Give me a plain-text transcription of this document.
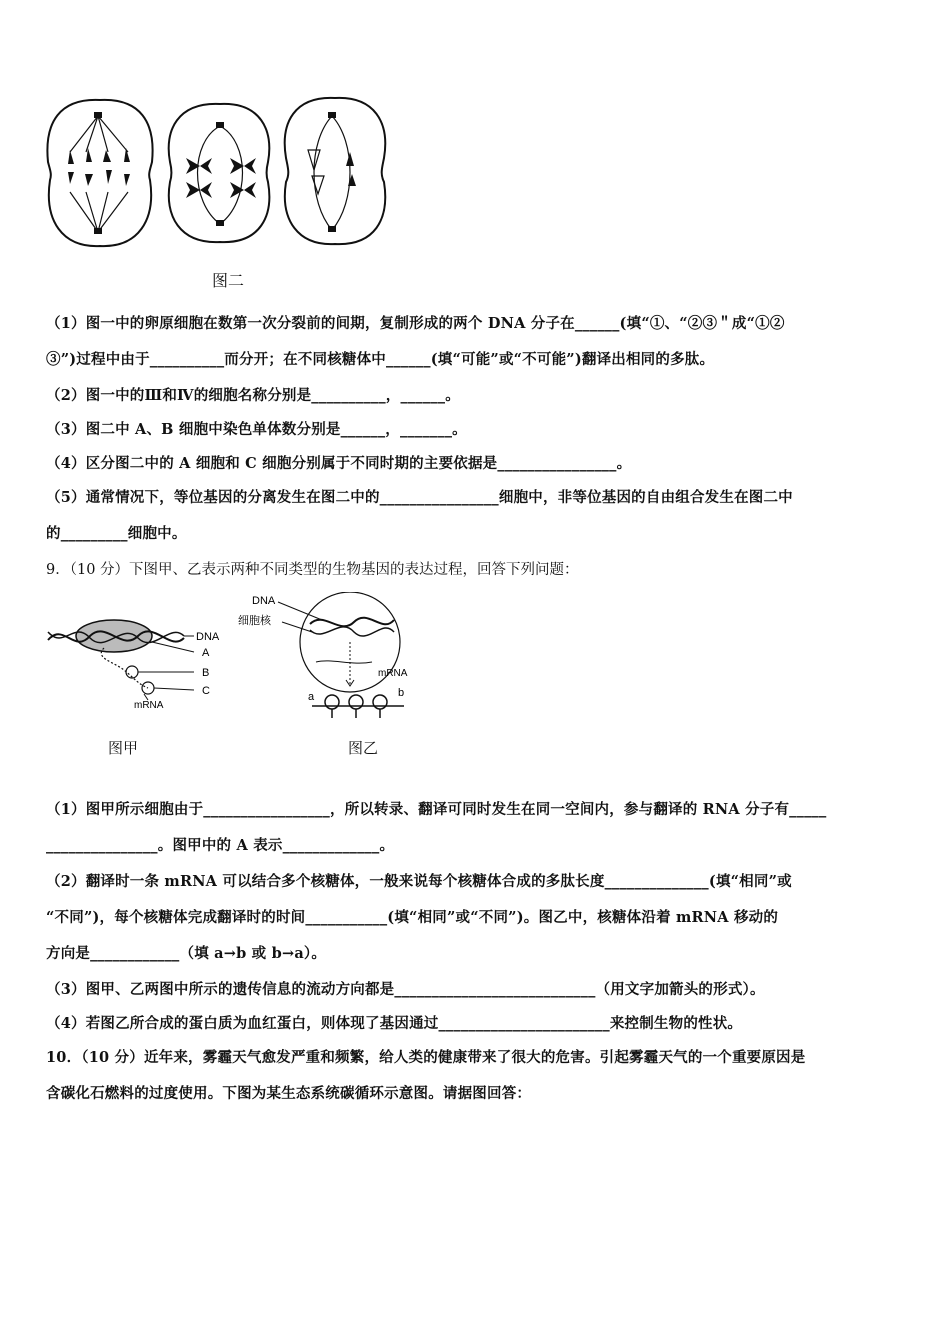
图二
（1）图一中的卵原细胞在数第一次分裂前的间期，复制形成的两个 DNA 分子在______(填“①、“②③＂成“①②
③”)过程中由于__________而分开；在不同核糖体中______(填“可能”或“不可能”)翻译出相同的多肽。
（2）图一中的Ⅲ和Ⅳ的细胞名称分别是__________，______。
（3）图二中 A、B 细胞中染色单体数分别是______，_______。
（4）区分图二中的 A 细胞和 C 细胞分别属于不同时期的主要依据是________________。
（5）通常情况下，等位基因的分离发生在图二中的________________细胞中，非等位基因的自由组合发生在图二中
的_________细胞中。
9．（10 分）下图甲、乙表示两种不同类型的生物基因的表达过程，回答下列问题：
DNA
A
B
C
mRNA
图甲
DNA
细胞核
mRNA
a	b
图乙
（1）图甲所示细胞由于_________________，所以转录、翻译可同时发生在同一空间内，参与翻译的 RNA 分子有_____
_______________。图甲中的 A 表示_____________。
（2）翻译时一条 mRNA 可以结合多个核糖体，一般来说每个核糖体合成的多肽长度______________(填“相同”或
“不同”)，每个核糖体完成翻译时的时间___________(填“相同”或“不同”)。图乙中，核糖体沿着 mRNA 移动的
方向是____________（填 a→b 或 b→a）。
（3）图甲、乙两图中所示的遗传信息的流动方向都是___________________________（用文字加箭头的形式）。
（4）若图乙所合成的蛋白质为血红蛋白，则体现了基因通过_______________________来控制生物的性状。
10．（10 分）近年来，雾霾天气愈发严重和频繁，给人类的健康带来了很大的危害。引起雾霾天气的一个重要原因是
含碳化石燃料的过度使用。下图为某生态系统碳循环示意图。请据图回答：
